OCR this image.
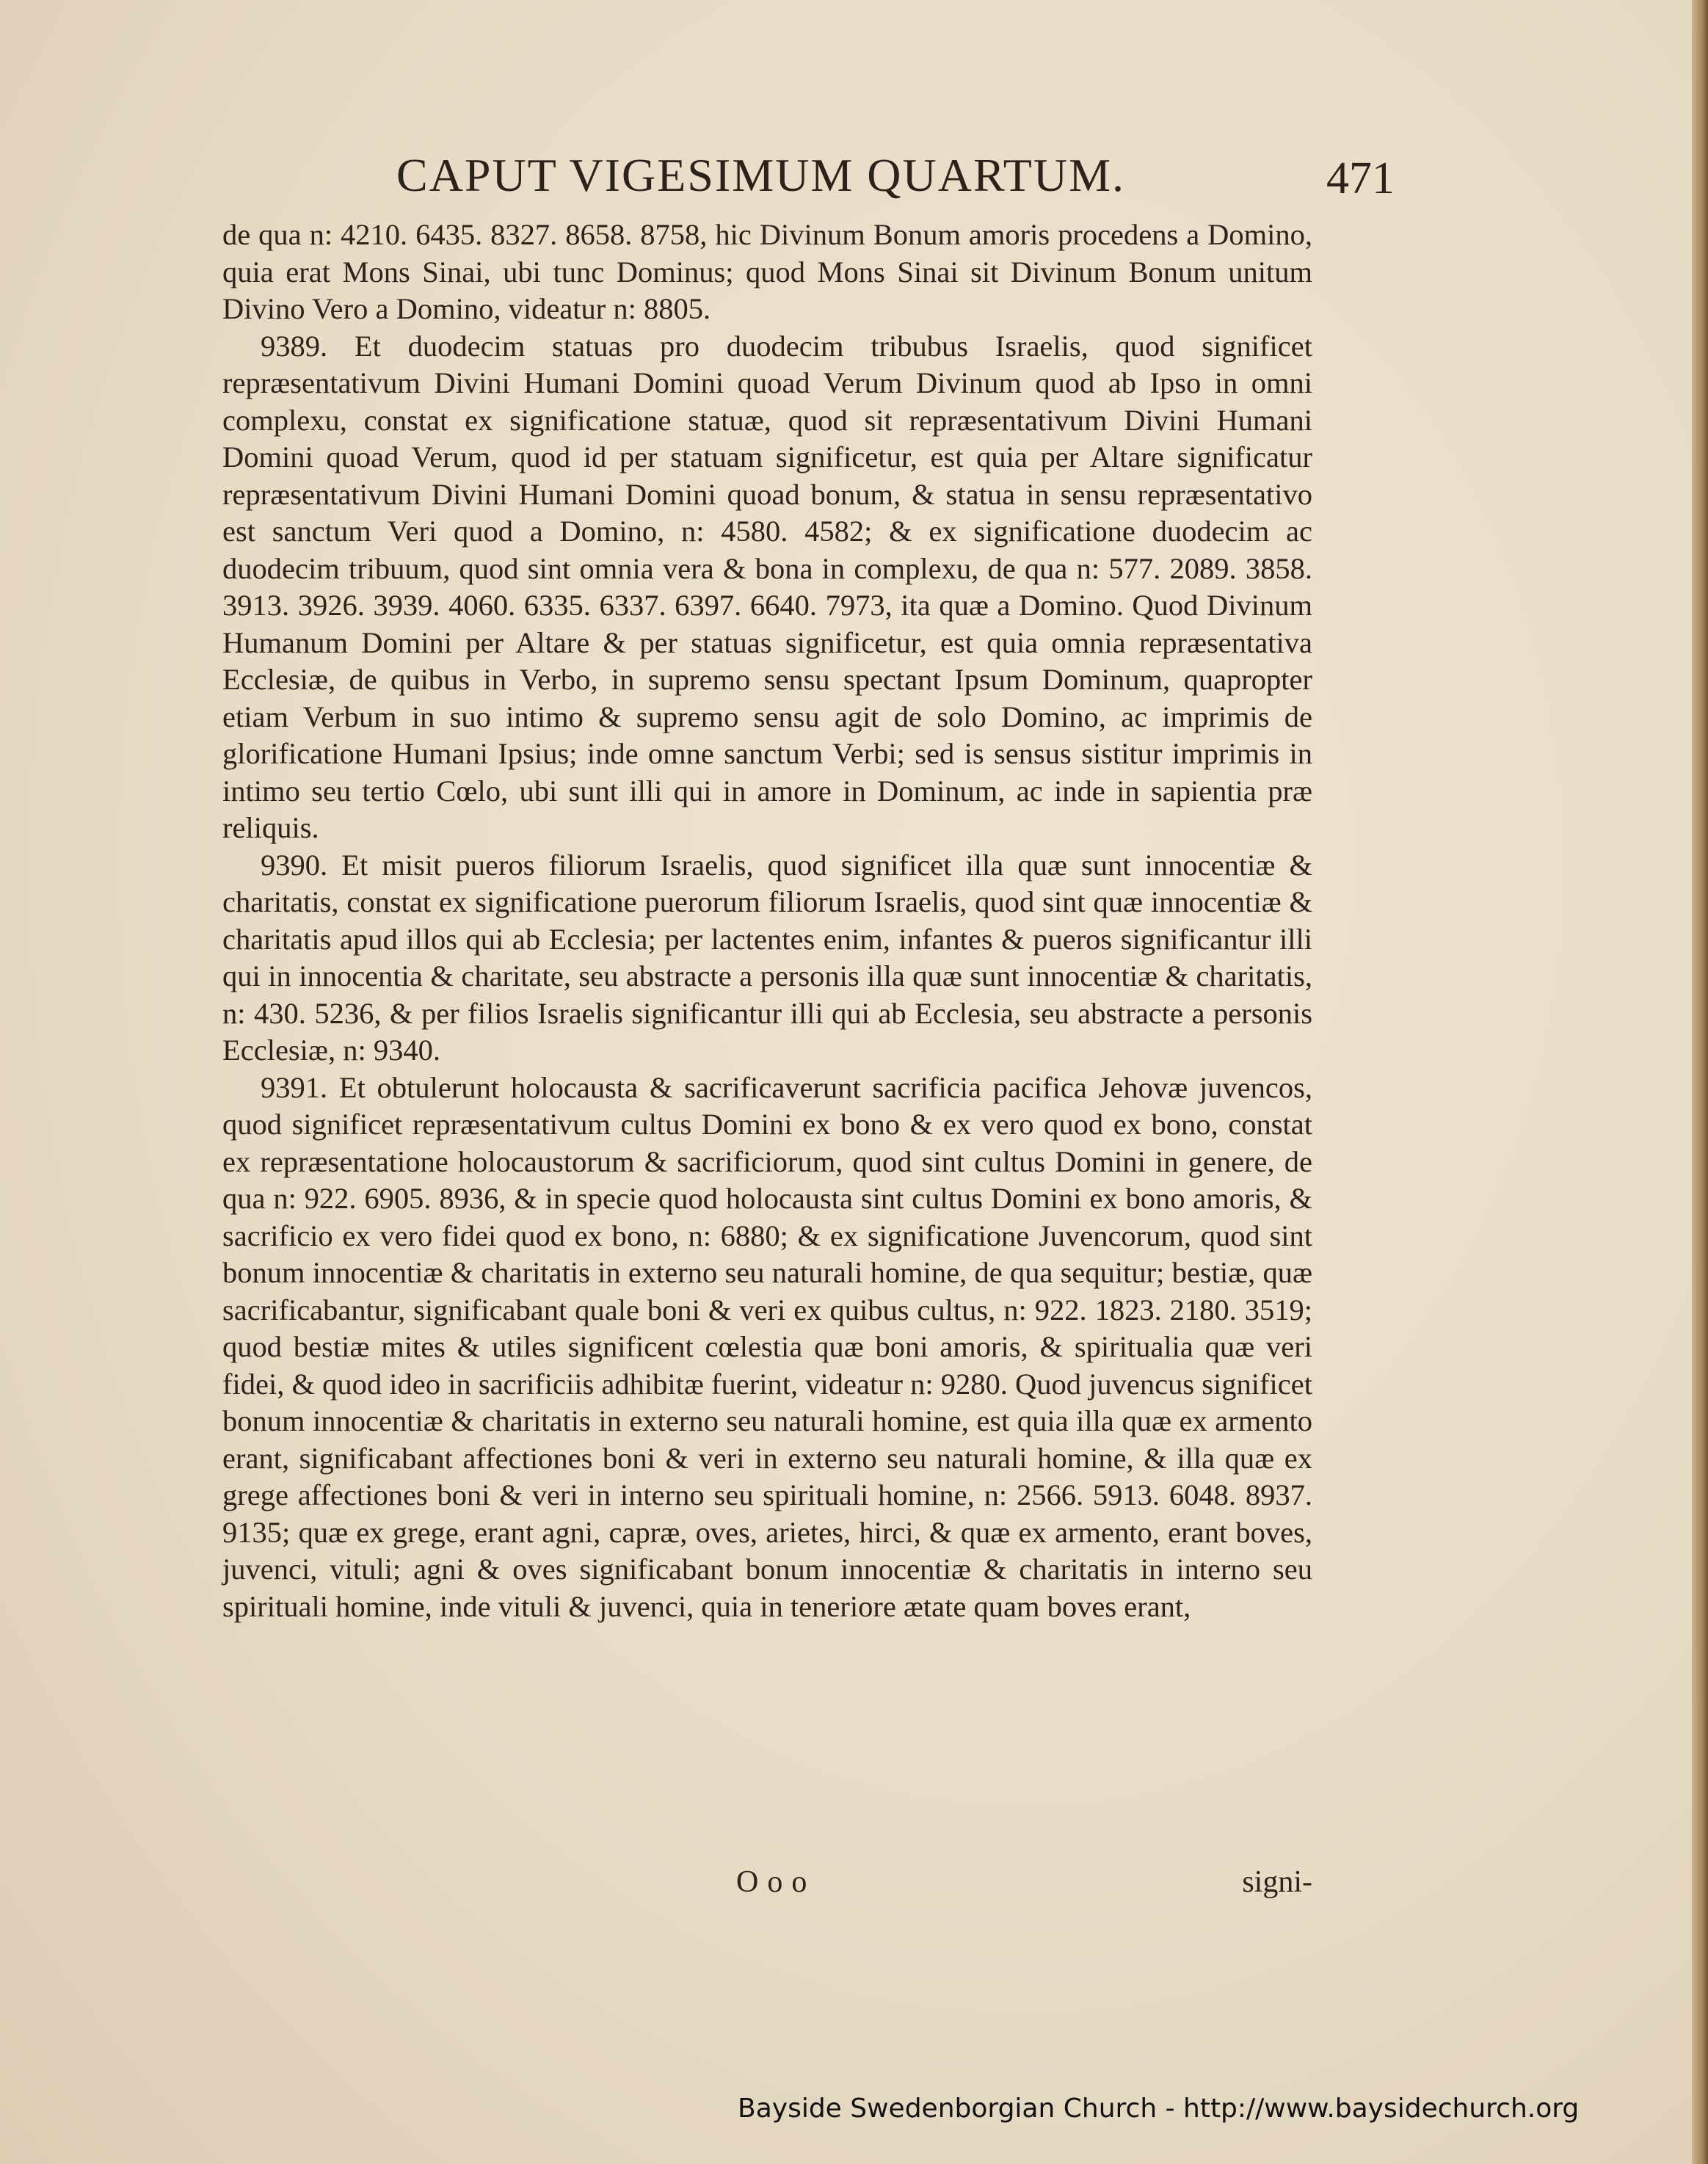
CAPUT VIGESIMUM QUARTUM.	471

de qua n: 4210. 6435. 8327. 8658. 8758, hic Divinum Bonum amoris procedens a Domino, quia erat Mons Sinai, ubi tunc Dominus; quod Mons Sinai sit Divinum Bonum unitum Divino Vero a Domino, videatur n: 8805.

9389. Et duodecim statuas pro duodecim tribubus Israelis, quod significet repræsentativum Divini Humani Domini quoad Verum Divinum quod ab Ipso in omni complexu, constat ex significatione statuæ, quod sit repræsentativum Divini Humani Domini quoad Verum, quod id per statuam significetur, est quia per Altare significatur repræsentativum Divini Humani Domini quoad bonum, & statua in sensu repræsentativo est sanctum Veri quod a Domino, n: 4580. 4582; & ex significatione duodecim ac duodecim tribuum, quod sint omnia vera & bona in complexu, de qua n: 577. 2089. 3858. 3913. 3926. 3939. 4060. 6335. 6337. 6397. 6640. 7973, ita quæ a Domino. Quod Divinum Humanum Domini per Altare & per statuas significetur, est quia omnia repræsentativa Ecclesiæ, de quibus in Verbo, in supremo sensu spectant Ipsum Dominum, quapropter etiam Verbum in suo intimo & supremo sensu agit de solo Domino, ac imprimis de glorificatione Humani Ipsius; inde omne sanctum Verbi; sed is sensus sistitur imprimis in intimo seu tertio Cœlo, ubi sunt illi qui in amore in Dominum, ac inde in sapientia præ reliquis.

9390. Et misit pueros filiorum Israelis, quod significet illa quæ sunt innocentiæ & charitatis, constat ex significatione puerorum filiorum Israelis, quod sint quæ innocentiæ & charitatis apud illos qui ab Ecclesia; per lactentes enim, infantes & pueros significantur illi qui in innocentia & charitate, seu abstracte a personis illa quæ sunt innocentiæ & charitatis, n: 430. 5236, & per filios Israelis significantur illi qui ab Ecclesia, seu abstracte a personis Ecclesiæ, n: 9340.

9391. Et obtulerunt holocausta & sacrificaverunt sacrificia pacifica Jehovæ juvencos, quod significet repræsentativum cultus Domini ex bono & ex vero quod ex bono, constat ex repræsentatione holocaustorum & sacrificiorum, quod sint cultus Domini in genere, de qua n: 922. 6905. 8936, & in specie quod holocausta sint cultus Domini ex bono amoris, & sacrificio ex vero fidei quod ex bono, n: 6880; & ex significatione Juvencorum, quod sint bonum innocentiæ & charitatis in externo seu naturali homine, de qua sequitur; bestiæ, quæ sacrificabantur, significabant quale boni & veri ex quibus cultus, n: 922. 1823. 2180. 3519; quod bestiæ mites & utiles significent cœlestia quæ boni amoris, & spiritualia quæ veri fidei, & quod ideo in sacrificiis adhibitæ fuerint, videatur n: 9280. Quod juvencus significet bonum innocentiæ & charitatis in externo seu naturali homine, est quia illa quæ ex armento erant, significabant affectiones boni & veri in externo seu naturali homine, & illa quæ ex grege affectiones boni & veri in interno seu spirituali homine, n: 2566. 5913. 6048. 8937. 9135; quæ ex grege, erant agni, capræ, oves, arietes, hirci, & quæ ex armento, erant boves, juvenci, vituli; agni & oves significabant bonum innocentiæ & charitatis in interno seu spirituali homine, inde vituli & juvenci, quia in teneriore ætate quam boves erant,

Ooo	signi-
Bayside Swedenborgian Church - http://www.baysidechurch.org
